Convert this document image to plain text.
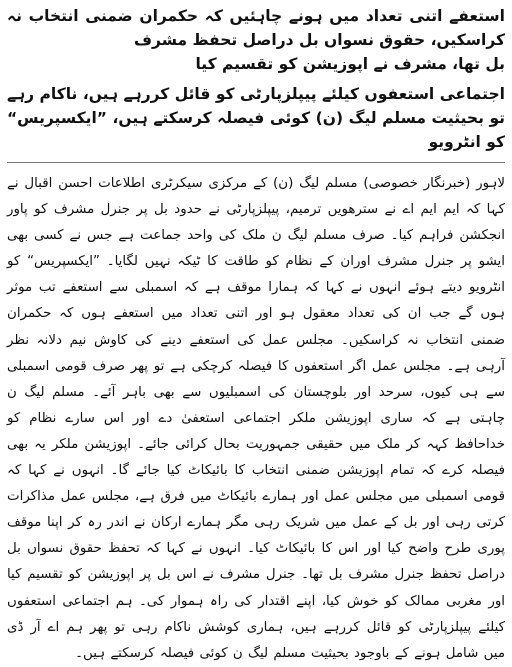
استعفے اتنی تعداد میں ہونے چاہئیں کہ حکمران ضمنی انتخاب نہ کراسکیں، حقوق نسواں بل دراصل تحفظ مشرف
بل تھا، مشرف نے اپوزیشن کو تقسیم کیا

اجتماعی استعفوں کیلئے پیپلزپارٹی کو قائل کررہے ہیں، ناکام رہے تو بحیثیت مسلم لیگ (ن) کوئی فیصلہ کرسکتے ہیں، ”ایکسپریس“ کو انٹرویو

لاہور (خبرنگار خصوصی) مسلم لیگ (ن) کے مرکزی سیکرٹری اطلاعات احسن اقبال نے کہا کہ ایم ایم اے نے سترھویں ترمیم، پیپلزپارٹی نے حدود بل پر جنرل مشرف کو پاور انجکشن فراہم کیا۔ صرف مسلم لیگ ن ملک کی واحد جماعت ہے جس نے کسی بھی ایشو پر جنرل مشرف اوران کے نظام کو طاقت کا ٹیکہ نہیں لگایا۔ ”ایکسپریس“ کو انٹرویو دیتے ہوئے انہوں نے کہا کہ ہمارا موقف ہے کہ اسمبلی سے استعفے تب موثر ہوں گے جب ان کی تعداد معقول ہو اور اتنی تعداد میں استعفے ہوں کہ حکمران ضمنی انتخاب نہ کراسکیں۔ مجلس عمل کی استعفے دینے کی کاوش نیم دلانہ نظر آرہی ہے۔ مجلس عمل اگر استعفوں کا فیصلہ کرچکی ہے تو پھر صرف قومی اسمبلی سے ہی کیوں، سرحد اور بلوچستان کی اسمبلیوں سے بھی باہر آئے۔ مسلم لیگ ن چاہتی ہے کہ ساری اپوزیشن ملکر اجتماعی استعفیٰ دے اور اس سارے نظام کو خداحافظ کہہ کر ملک میں حقیقی جمہوریت بحال کرائی جائے۔ اپوزیشن ملکر یہ بھی فیصلہ کرے کہ تمام اپوزیشن ضمنی انتخاب کا بائیکاٹ کیا جائے گا۔ انہوں نے کہا کہ قومی اسمبلی میں مجلس عمل اور ہمارے بائیکاٹ میں فرق ہے، مجلس عمل مذاکرات کرتی رہی اور بل کے عمل میں شریک رہی مگر ہمارے ارکان نے اندر رہ کر اپنا موقف پوری طرح واضح کیا اور اس کا بائیکاٹ کیا۔ انہوں نے کہا کہ تحفظ حقوق نسواں بل دراصل تحفظ جنرل مشرف بل تھا۔ جنرل مشرف نے اس بل پر اپوزیشن کو تقسیم کیا اور مغربی ممالک کو خوش کیا، اپنے اقتدار کی راہ ہموار کی۔ ہم اجتماعی استعفوں کیلئے پیپلزپارٹی کو قائل کررہے ہیں، ہماری کوشش ناکام رہی تو پھر ہم اے آر ڈی میں شامل ہونے کے باوجود بحیثیت مسلم لیگ ن کوئی فیصلہ کرسکتے ہیں۔
